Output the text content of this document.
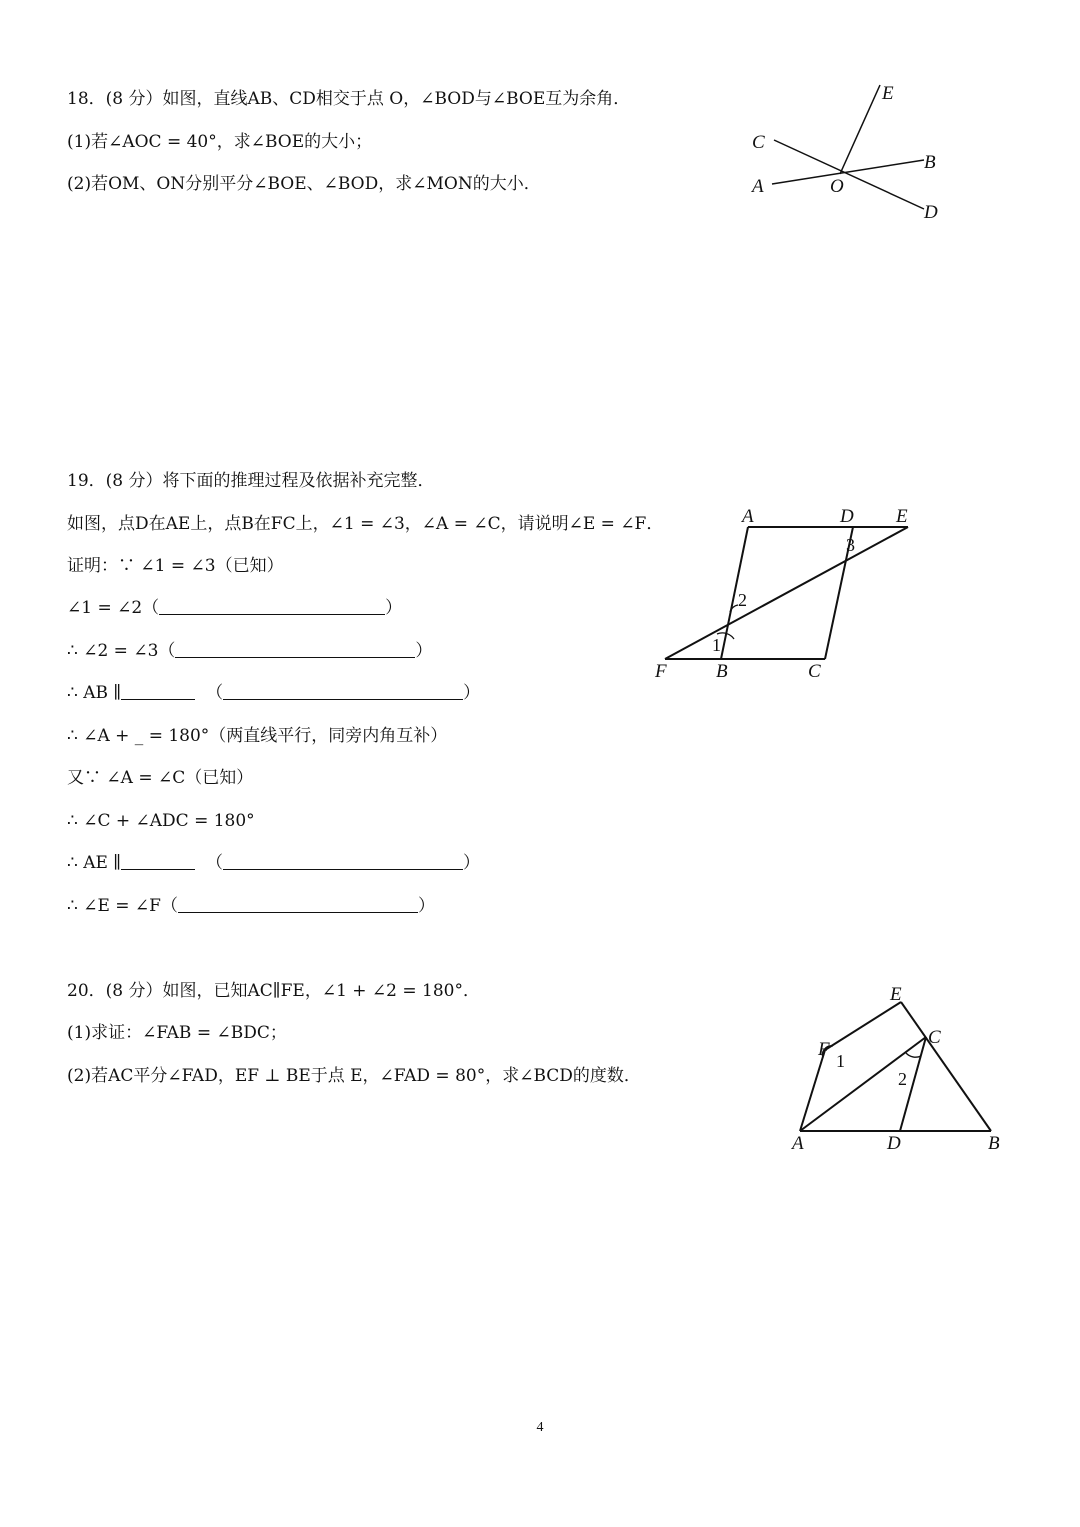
18．(8 分）如图，直线AB、CD相交于点 O，∠BOD与∠BOE互为余角．
(1)若∠AOC = 40°，求∠BOE的大小；
(2)若OM、ON分别平分∠BOE、∠BOD，求∠MON的大小．
E
C
B
A	O
D
19．(8 分）将下面的推理过程及依据补充完整．
如图，点D在AE上，点B在FC上，∠1 = ∠3，∠A = ∠C，请说明∠E = ∠F．
证明：∵ ∠1 = ∠3（已知）
∠1 = ∠2（	）
∴ ∠2 = ∠3（	）
∴ AB ∥	（	）
∴ ∠A + _ = 180°（两直线平行，同旁内角互补）
又∵ ∠A = ∠C（已知）
∴ ∠C + ∠ADC = 180°
∴ AE ∥	（	）
∴ ∠E = ∠F（	）
A	D E
F	B	C
1
2
3
20．(8 分）如图，已知AC∥FE，∠1 + ∠2 = 180°．
(1)求证：∠FAB = ∠BDC；
(2)若AC平分∠FAD，EF ⊥ BE于点 E，∠FAD = 80°，求∠BCD的度数．
E
F
C
A	D	B
1
2
4
